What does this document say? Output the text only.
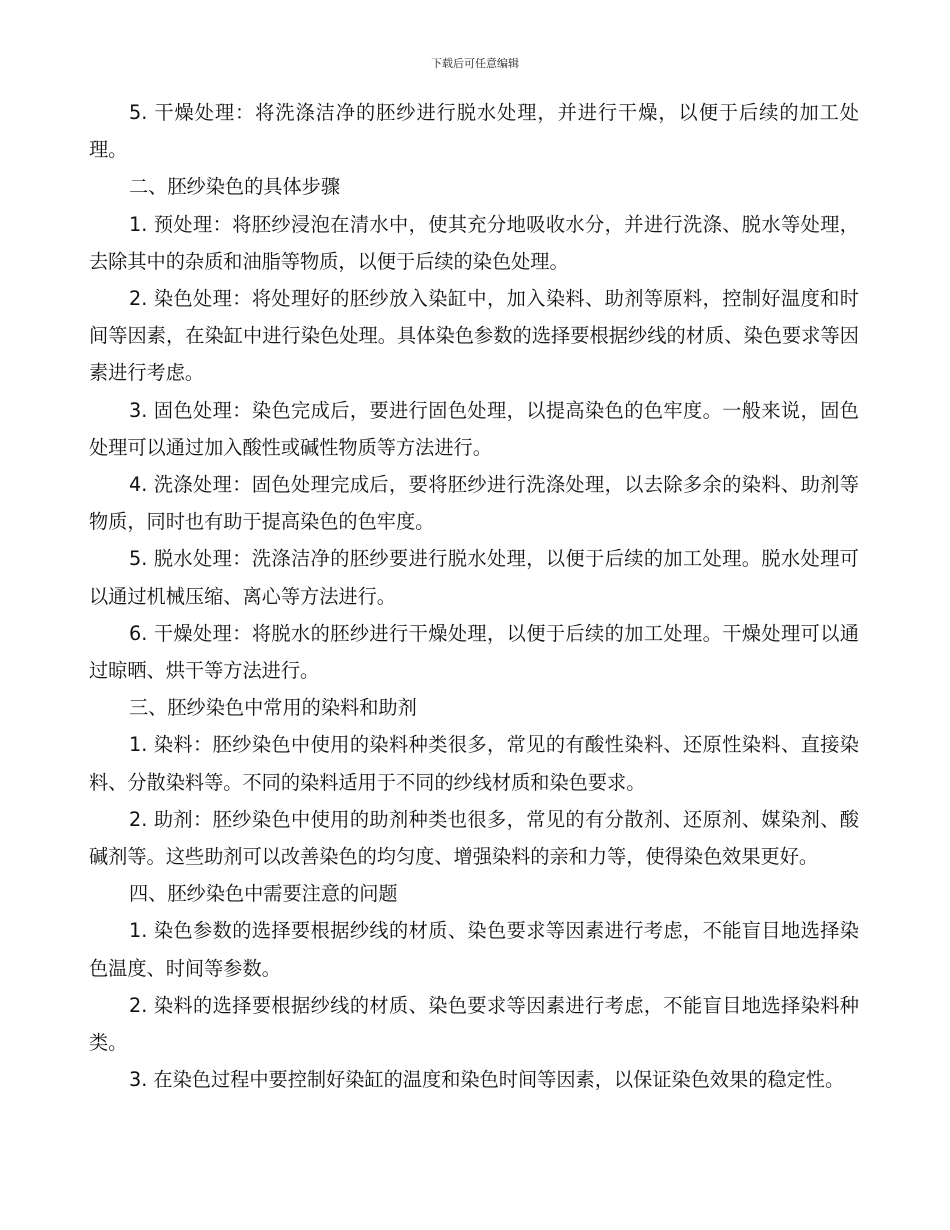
下载后可任意编辑

5. 干燥处理：将洗涤洁净的胚纱进行脱水处理，并进行干燥，以便于后续的加工处理。

二、胚纱染色的具体步骤

1. 预处理：将胚纱浸泡在清水中，使其充分地吸收水分，并进行洗涤、脱水等处理，去除其中的杂质和油脂等物质，以便于后续的染色处理。

2. 染色处理：将处理好的胚纱放入染缸中，加入染料、助剂等原料，控制好温度和时间等因素，在染缸中进行染色处理。具体染色参数的选择要根据纱线的材质、染色要求等因素进行考虑。

3. 固色处理：染色完成后，要进行固色处理，以提高染色的色牢度。一般来说，固色处理可以通过加入酸性或碱性物质等方法进行。

4. 洗涤处理：固色处理完成后，要将胚纱进行洗涤处理，以去除多余的染料、助剂等物质，同时也有助于提高染色的色牢度。

5. 脱水处理：洗涤洁净的胚纱要进行脱水处理，以便于后续的加工处理。脱水处理可以通过机械压缩、离心等方法进行。

6. 干燥处理：将脱水的胚纱进行干燥处理，以便于后续的加工处理。干燥处理可以通过晾晒、烘干等方法进行。

三、胚纱染色中常用的染料和助剂

1. 染料：胚纱染色中使用的染料种类很多，常见的有酸性染料、还原性染料、直接染料、分散染料等。不同的染料适用于不同的纱线材质和染色要求。

2. 助剂：胚纱染色中使用的助剂种类也很多，常见的有分散剂、还原剂、媒染剂、酸碱剂等。这些助剂可以改善染色的均匀度、增强染料的亲和力等，使得染色效果更好。

四、胚纱染色中需要注意的问题

1. 染色参数的选择要根据纱线的材质、染色要求等因素进行考虑，不能盲目地选择染色温度、时间等参数。

2. 染料的选择要根据纱线的材质、染色要求等因素进行考虑，不能盲目地选择染料种类。

3. 在染色过程中要控制好染缸的温度和染色时间等因素，以保证染色效果的稳定性。
